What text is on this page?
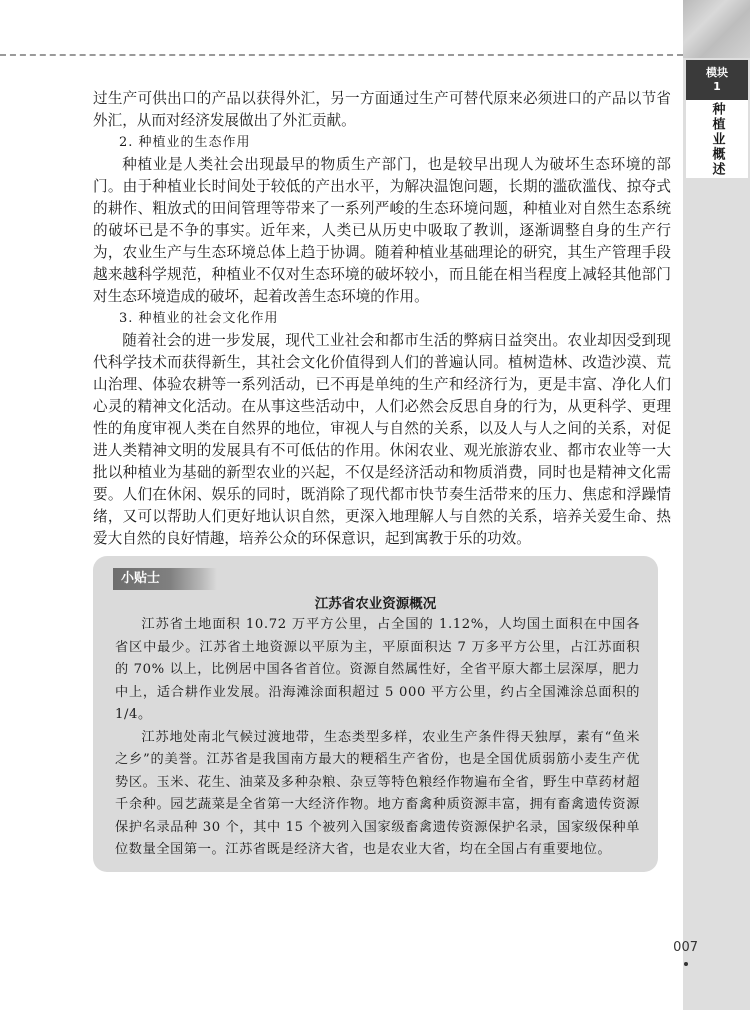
模块
1
种植业概述

过生产可供出口的产品以获得外汇，另一方面通过生产可替代原来必须进口的产品以节省外汇，从而对经济发展做出了外汇贡献。

2. 种植业的生态作用

种植业是人类社会出现最早的物质生产部门，也是较早出现人为破坏生态环境的部门。由于种植业长时间处于较低的产出水平，为解决温饱问题，长期的滥砍滥伐、掠夺式的耕作、粗放式的田间管理等带来了一系列严峻的生态环境问题，种植业对自然生态系统的破坏已是不争的事实。近年来，人类已从历史中吸取了教训，逐渐调整自身的生产行为，农业生产与生态环境总体上趋于协调。随着种植业基础理论的研究，其生产管理手段越来越科学规范，种植业不仅对生态环境的破坏较小，而且能在相当程度上减轻其他部门对生态环境造成的破坏，起着改善生态环境的作用。

3. 种植业的社会文化作用

随着社会的进一步发展，现代工业社会和都市生活的弊病日益突出。农业却因受到现代科学技术而获得新生，其社会文化价值得到人们的普遍认同。植树造林、改造沙漠、荒山治理、体验农耕等一系列活动，已不再是单纯的生产和经济行为，更是丰富、净化人们心灵的精神文化活动。在从事这些活动中，人们必然会反思自身的行为，从更科学、更理性的角度审视人类在自然界的地位，审视人与自然的关系，以及人与人之间的关系，对促进人类精神文明的发展具有不可低估的作用。休闲农业、观光旅游农业、都市农业等一大批以种植业为基础的新型农业的兴起，不仅是经济活动和物质消费，同时也是精神文化需要。人们在休闲、娱乐的同时，既消除了现代都市快节奏生活带来的压力、焦虑和浮躁情绪，又可以帮助人们更好地认识自然，更深入地理解人与自然的关系，培养关爱生命、热爱大自然的良好情趣，培养公众的环保意识，起到寓教于乐的功效。

小贴士
江苏省农业资源概况

江苏省土地面积 10.72 万平方公里，占全国的 1.12%，人均国土面积在中国各省区中最少。江苏省土地资源以平原为主，平原面积达 7 万多平方公里，占江苏面积的 70% 以上，比例居中国各省首位。资源自然属性好，全省平原大都土层深厚，肥力中上，适合耕作业发展。沿海滩涂面积超过 5 000 平方公里，约占全国滩涂总面积的 1/4。

江苏地处南北气候过渡地带，生态类型多样，农业生产条件得天独厚，素有“鱼米之乡”的美誉。江苏省是我国南方最大的粳稻生产省份，也是全国优质弱筋小麦生产优势区。玉米、花生、油菜及多种杂粮、杂豆等特色粮经作物遍布全省，野生中草药材超千余种。园艺蔬菜是全省第一大经济作物。地方畜禽种质资源丰富，拥有畜禽遗传资源保护名录品种 30 个，其中 15 个被列入国家级畜禽遗传资源保护名录，国家级保种单位数量全国第一。江苏省既是经济大省，也是农业大省，均在全国占有重要地位。

007
